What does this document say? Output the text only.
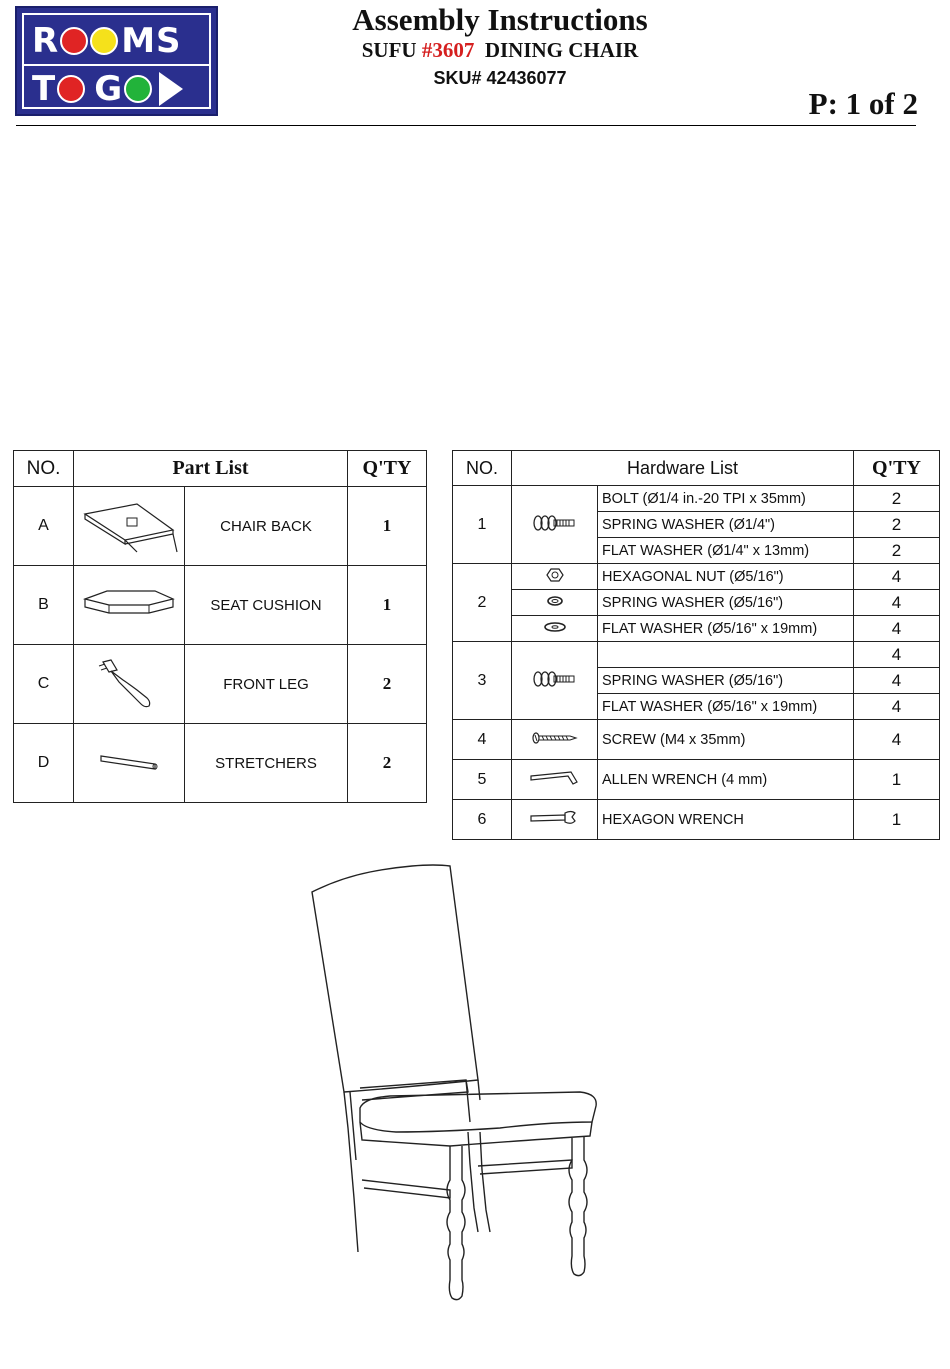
R M S
T G
Assembly Instructions
SUFU #3607  DINING CHAIR
SKU# 42436077
P: 1 of 2
NO.	Part List		Q'TY
A		CHAIR BACK	1
B		SEAT CUSHION	1
C		FRONT LEG	2
D		STRETCHERS	2
NO.	Hardware List		Q'TY
1		BOLT (Ø1/4 in.-20 TPI x 35mm)	2
		SPRING WASHER (Ø1/4")	2
		FLAT WASHER (Ø1/4" x 13mm)	2
2		HEXAGONAL NUT (Ø5/16")	4
	SPRING WASHER (Ø5/16")	4
	FLAT WASHER (Ø5/16" x 19mm)	4
3			4
		SPRING WASHER (Ø5/16")	4
		FLAT WASHER (Ø5/16" x 19mm)	4
4		SCREW (M4 x 35mm)	4
5		ALLEN WRENCH (4 mm)	1
6		HEXAGON WRENCH	1
